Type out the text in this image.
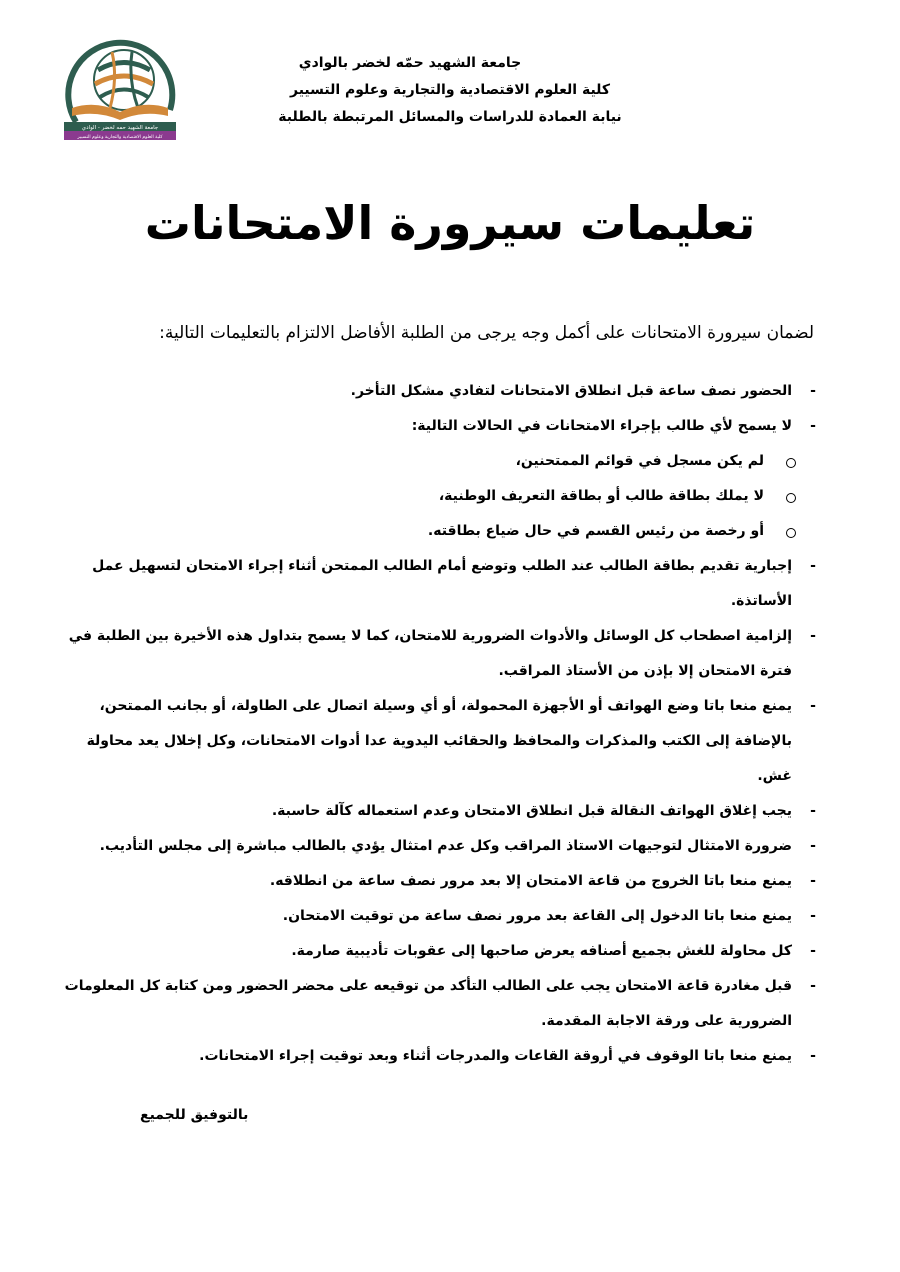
جامعة الشهيد حمه لخضر - الوادي
كلية العلوم الاقتصادية والتجارية وعلوم التسيير
جامعة الشهيد حمّه لخضر بالوادي
كلية العلوم الاقتصادية والتجارية وعلوم التسيير
نيابة العمادة للدراسات والمسائل المرتبطة بالطلبة
تعليمات سيرورة الامتحانات
لضمان سيرورة الامتحانات على أكمل وجه يرجى من الطلبة الأفاضل الالتزام بالتعليمات التالية:
-
الحضور نصف ساعة قبل انطلاق الامتحانات لتفادي مشكل التأخر.
-
لا يسمح لأي طالب بإجراء الامتحانات في الحالات التالية:
لم يكن مسجل في قوائم الممتحنين،
لا يملك بطاقة طالب أو بطاقة التعريف الوطنية،
أو رخصة من رئيس القسم في حال ضياع بطاقته.
-
إجبارية تقديم بطاقة الطالب عند الطلب وتوضع أمام الطالب الممتحن أثناء إجراء الامتحان لتسهيل عمل الأساتذة.
-
إلزامية اصطحاب كل الوسائل والأدوات الضرورية للامتحان، كما لا يسمح بتداول هذه الأخيرة بين الطلبة في فترة الامتحان إلا بإذن من الأستاذ المراقب.
-
يمنع منعا باتا وضع الهواتف أو الأجهزة المحمولة، أو أي وسيلة اتصال على الطاولة، أو بجانب الممتحن، بالإضافة إلى الكتب والمذكرات والمحافظ والحقائب اليدوية عدا أدوات الامتحانات، وكل إخلال يعد محاولة غش.
-
يجب إغلاق الهواتف النقالة قبل انطلاق الامتحان وعدم استعماله كآلة حاسبة.
-
ضرورة الامتثال لتوجيهات الاستاذ المراقب وكل عدم امتثال يؤدي بالطالب مباشرة إلى مجلس التأديب.
-
يمنع منعا باتا الخروج من قاعة الامتحان إلا بعد مرور نصف ساعة من انطلاقه.
-
يمنع منعا باتا الدخول إلى القاعة بعد مرور نصف ساعة من توقيت الامتحان.
-
كل محاولة للغش بجميع أصنافه يعرض صاحبها إلى عقوبات تأديبية صارمة.
-
قبل مغادرة قاعة الامتحان يجب على الطالب التأكد من توقيعه على محضر الحضور ومن كتابة كل المعلومات الضرورية على ورقة الاجابة المقدمة.
-
يمنع منعا باتا الوقوف في أروقة القاعات والمدرجات أثناء وبعد توقيت إجراء الامتحانات.
بالتوفيق للجميع
